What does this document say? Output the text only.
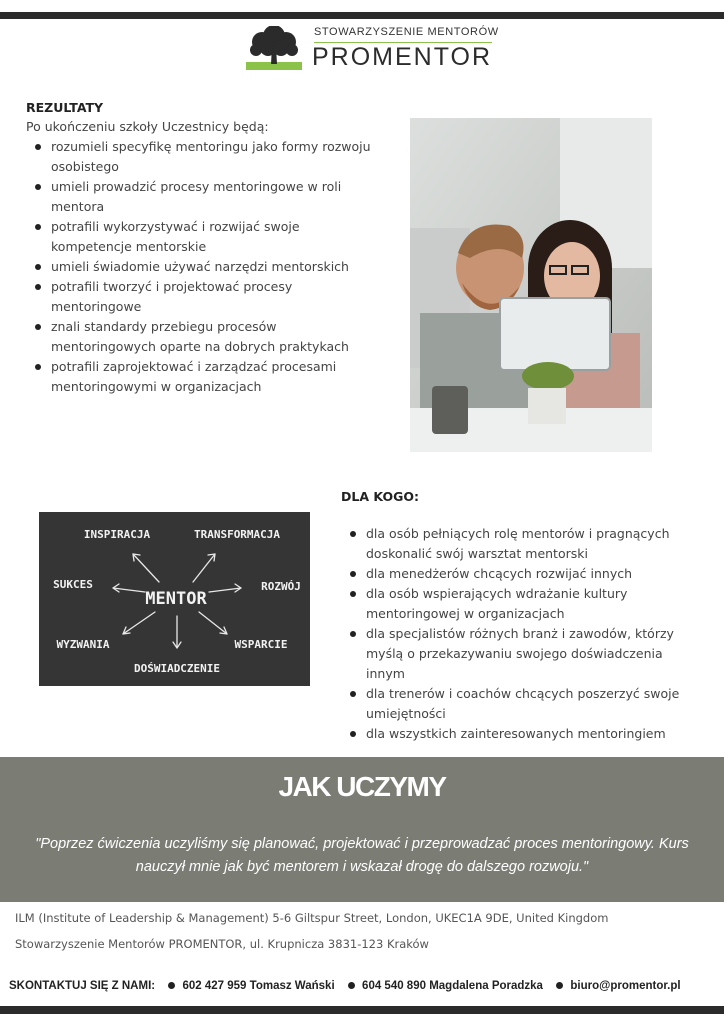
STOWARZYSZENIE MENTORÓW
PROMENTOR
REZULTATY

Po ukończeniu szkoły Uczestnicy będą:

rozumieli specyfikę mentoringu jako formy rozwoju osobistego
umieli prowadzić procesy mentoringowe w roli mentora
potrafili wykorzystywać i rozwijać swoje kompetencje mentorskie
umieli świadomie używać narzędzi mentorskich
potrafili tworzyć i projektować procesy mentoringowe
znali standardy przebiegu procesów mentoringowych oparte na dobrych praktykach
potrafili zaprojektować i zarządzać procesami mentoringowymi w organizacjach
MENTOR
INSPIRACJA	TRANSFORMACJA
SUKCES	ROZWÓJ
WYZWANIA	WSPARCIE
DOŚWIADCZENIE
DLA KOGO:
dla osób pełniących rolę mentorów i pragnących doskonalić swój warsztat mentorski
dla menedżerów chcących rozwijać innych
dla osób wspierających wdrażanie kultury mentoringowej w organizacjach
dla specjalistów różnych branż i zawodów, którzy myślą o przekazywaniu swojego doświadczenia innym
dla trenerów i coachów chcących poszerzyć swoje umiejętności
dla wszystkich zainteresowanych mentoringiem
JAK UCZYMY

"Poprzez ćwiczenia uczyliśmy się planować, projektować i przeprowadzać proces mentoringowy. Kurs nauczył mnie jak być mentorem i wskazał drogę do dalszego rozwoju."

ILM (Institute of Leadership & Management) 5-6 Giltspur Street, London, UKEC1A 9DE, United Kingdom
Stowarzyszenie Mentorów PROMENTOR, ul. Krupnicza 3831-123 Kraków
SKONTAKTUJ SIĘ Z NAMI: 602 427 959 Tomasz Wański 604 540 890 Magdalena Poradzka biuro@promentor.pl
